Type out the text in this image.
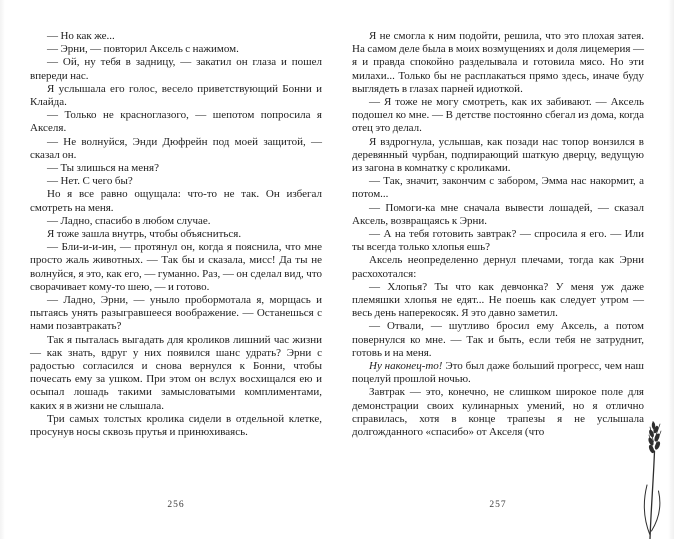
— Но как же...

— Эрни, — повторил Аксель с нажимом.

— Ой, ну тебя в задницу, — закатил он глаза и пошел впереди нас.

Я услышала его голос, весело приветствующий Бонни и Клайда.

— Только не красноглазого, — шепотом попросила я Акселя.

— Не волнуйся, Энди Дюфрейн под моей защитой, — сказал он.

— Ты злишься на меня?

— Нет. С чего бы?

Но я все равно ощущала: что-то не так. Он избегал смотреть на меня.

— Ладно, спасибо в любом случае.

Я тоже зашла внутрь, чтобы объясниться.

— Бли-и-и-ин, — протянул он, когда я пояснила, что мне просто жаль животных. — Так бы и сказала, мисс! Да ты не волнуйся, я это, как его, — гуманно. Раз, — он сделал вид, что сворачивает кому-то шею, — и готово.

— Ладно, Эрни, — уныло пробормотала я, морщась и пытаясь унять разыгравшееся воображение. — Останешься с нами позавтракать?

Так я пыталась выгадать для кроликов лишний час жизни — как знать, вдруг у них появился шанс удрать? Эрни с радостью согласился и снова вернулся к Бонни, чтобы почесать ему за ушком. При этом он вслух восхищался ею и осыпал лошадь такими замысловатыми комплиментами, каких я в жизни не слышала.

Три самых толстых кролика сидели в отдельной клетке, просунув носы сквозь прутья и принюхиваясь.

Я не смогла к ним подойти, решила, что это плохая затея. На самом деле была в моих возмущениях и доля лицемерия — я и правда спокойно разделывала и готовила мясо. Но эти милахи... Только бы не расплакаться прямо здесь, иначе буду выглядеть в глазах парней идиоткой.

— Я тоже не могу смотреть, как их забивают. — Аксель подошел ко мне. — В детстве постоянно сбегал из дома, когда отец это делал.

Я вздрогнула, услышав, как позади нас топор вонзился в деревянный чурбан, подпирающий шаткую дверцу, ведущую из загона в комнатку с кроликами.

— Так, значит, закончим с забором, Эмма нас накормит, а потом...

— Помоги-ка мне сначала вывести лошадей, — сказал Аксель, возвращаясь к Эрни.

— А на тебя готовить завтрак? — спросила я его. — Или ты всегда только хлопья ешь?

Аксель неопределенно дернул плечами, тогда как Эрни расхохотался:

— Хлопья? Ты что как девчонка? У меня уж даже племяшки хлопья не едят... Не поешь как следует утром — весь день наперекосяк. Я это давно заметил.

— Отвали, — шутливо бросил ему Аксель, а потом повернулся ко мне. — Так и быть, если тебя не затруднит, готовь и на меня.

Ну наконец-то! Это был даже больший прогресс, чем наш поцелуй прошлой ночью.

Завтрак — это, конечно, не слишком широкое поле для демонстрации своих кулинарных умений, но я отлично справилась, хотя в конце трапезы я не услышала долгожданного «спасибо» от Акселя (что

256	257
